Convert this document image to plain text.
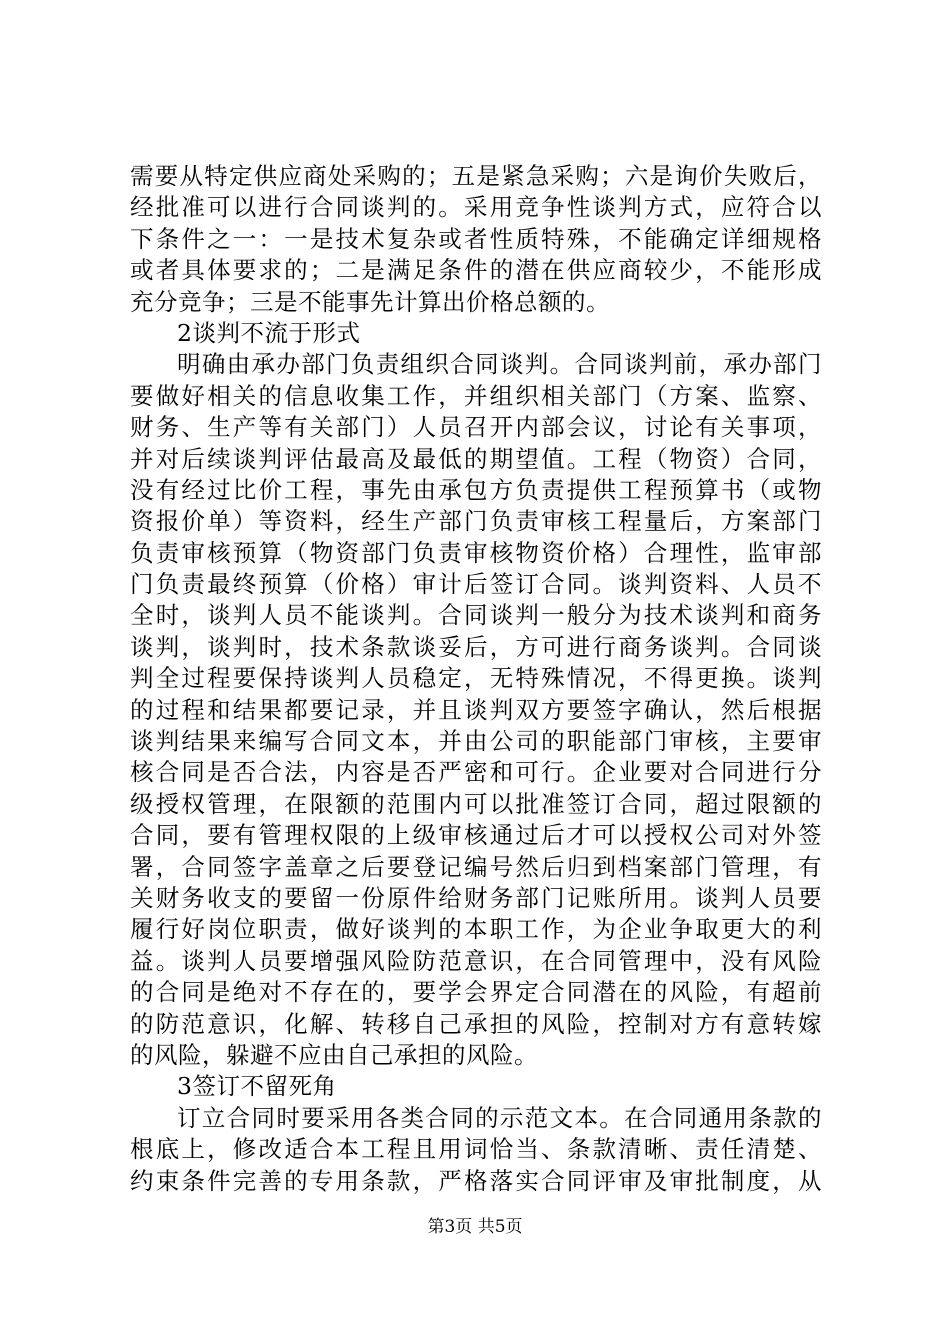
需要从特定供应商处采购的；五是紧急采购；六是询价失败后，
经批准可以进行合同谈判的。采用竞争性谈判方式，应符合以
下条件之一：一是技术复杂或者性质特殊，不能确定详细规格
或者具体要求的；二是满足条件的潜在供应商较少，不能形成
充分竞争；三是不能事先计算出价格总额的。
2谈判不流于形式
明确由承办部门负责组织合同谈判。合同谈判前，承办部门
要做好相关的信息收集工作，并组织相关部门（方案、监察、
财务、生产等有关部门）人员召开内部会议，讨论有关事项，
并对后续谈判评估最高及最低的期望值。工程（物资）合同，
没有经过比价工程，事先由承包方负责提供工程预算书（或物
资报价单）等资料，经生产部门负责审核工程量后，方案部门
负责审核预算（物资部门负责审核物资价格）合理性，监审部
门负责最终预算（价格）审计后签订合同。谈判资料、人员不
全时，谈判人员不能谈判。合同谈判一般分为技术谈判和商务
谈判，谈判时，技术条款谈妥后，方可进行商务谈判。合同谈
判全过程要保持谈判人员稳定，无特殊情况，不得更换。谈判
的过程和结果都要记录，并且谈判双方要签字确认，然后根据
谈判结果来编写合同文本，并由公司的职能部门审核，主要审
核合同是否合法，内容是否严密和可行。企业要对合同进行分
级授权管理，在限额的范围内可以批准签订合同，超过限额的
合同，要有管理权限的上级审核通过后才可以授权公司对外签
署，合同签字盖章之后要登记编号然后归到档案部门管理，有
关财务收支的要留一份原件给财务部门记账所用。谈判人员要
履行好岗位职责，做好谈判的本职工作，为企业争取更大的利
益。谈判人员要增强风险防范意识，在合同管理中，没有风险
的合同是绝对不存在的，要学会界定合同潜在的风险，有超前
的防范意识，化解、转移自己承担的风险，控制对方有意转嫁
的风险，躲避不应由自己承担的风险。
3签订不留死角
订立合同时要采用各类合同的示范文本。在合同通用条款的
根底上，修改适合本工程且用词恰当、条款清晰、责任清楚、
约束条件完善的专用条款，严格落实合同评审及审批制度，从
第3页 共5页
